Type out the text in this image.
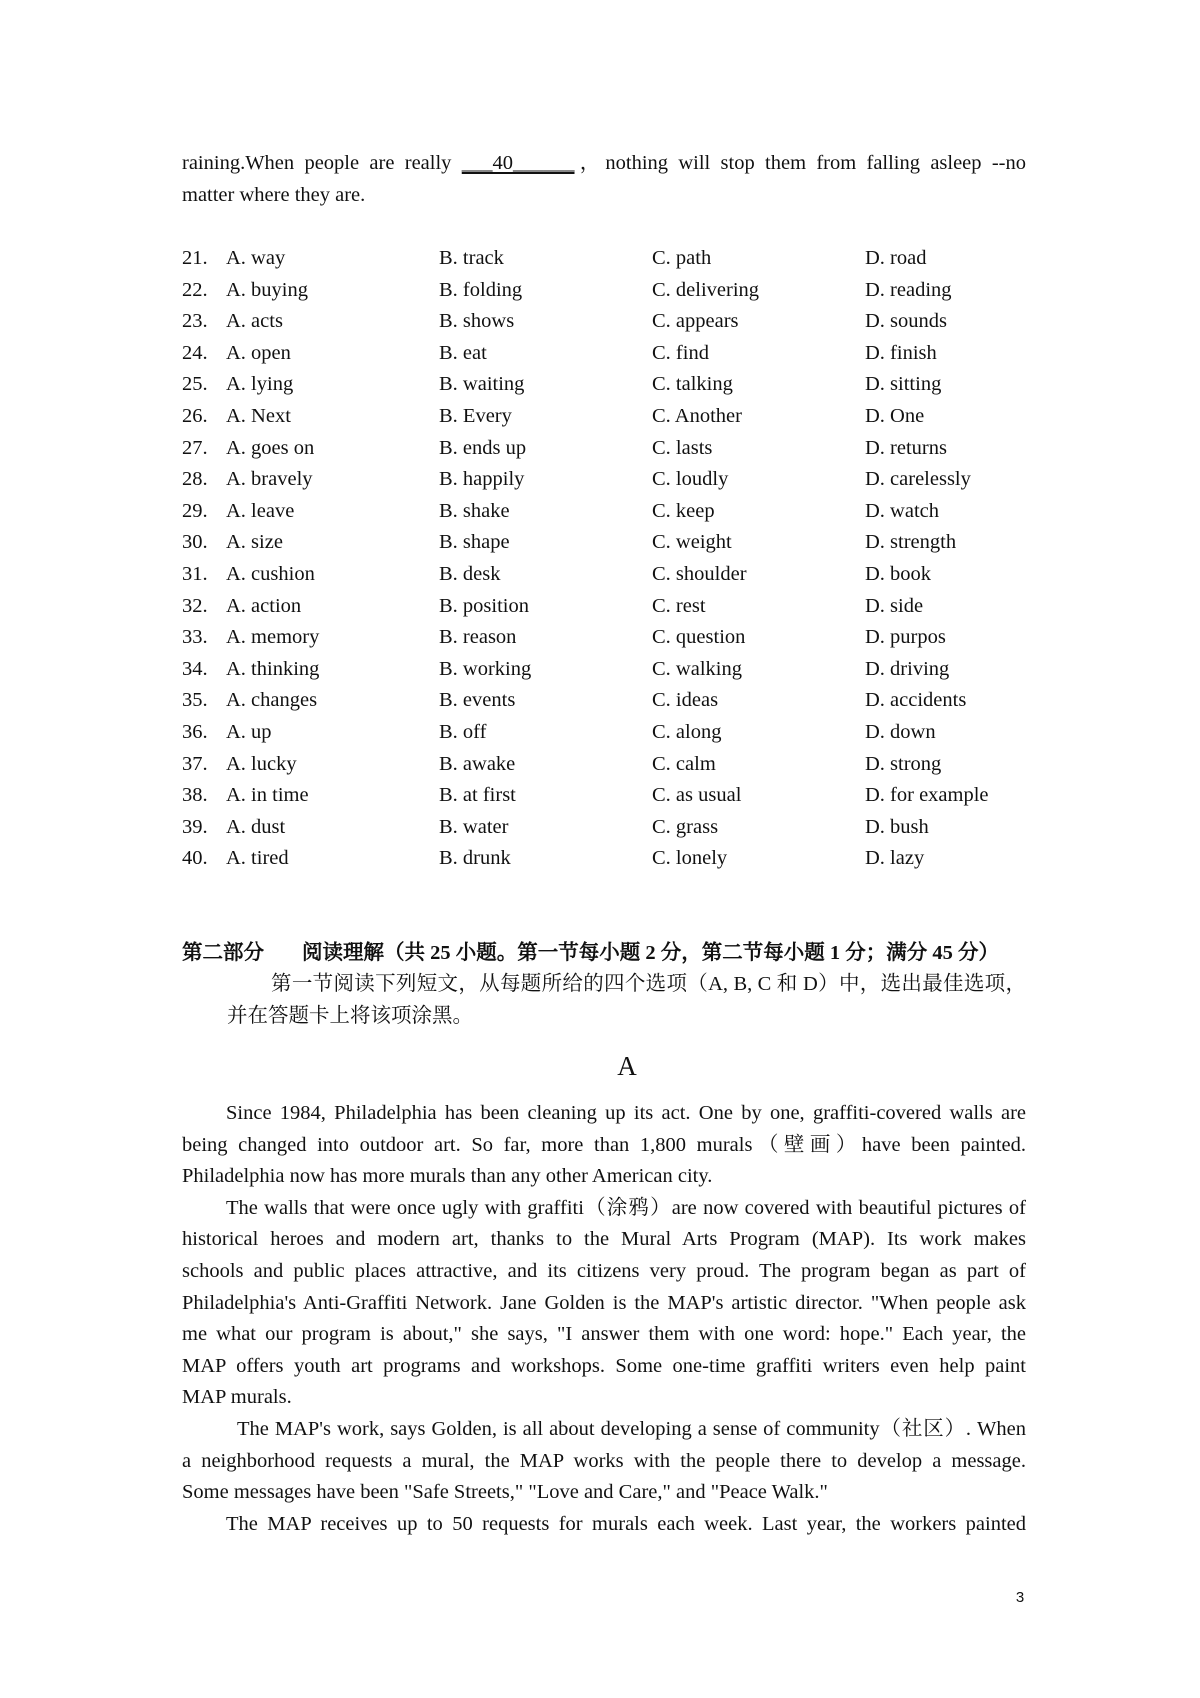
raining.When people are really ___40______，nothing will stop them from falling asleep --no
matter where they are.
21. A. way	B. track	C. path	D. road
22. A. buying	B. folding	C. delivering	D. reading
23. A. acts	B. shows	C. appears	D. sounds
24. A. open	B. eat	C. find	D. finish
25. A. lying	B. waiting	C. talking	D. sitting
26. A. Next	B. Every	C. Another	D. One
27. A. goes on	B. ends up	C. lasts	D. returns
28. A. bravely	B. happily	C. loudly	D. carelessly
29. A. leave	B. shake	C. keep	D. watch
30. A. size	B. shape	C. weight	D. strength
31. A. cushion	B. desk	C. shoulder	D. book
32. A. action	B. position	C. rest	D. side
33. A. memory	B. reason	C. question	D. purpos
34. A. thinking	B. working	C. walking	D. driving
35. A. changes	B. events	C. ideas	D. accidents
36. A. up	B. off	C. along	D. down
37. A. lucky	B. awake	C. calm	D. strong
38. A. in time	B. at first	C. as usual	D. for example
39. A. dust	B. water	C. grass	D. bush
40. A. tired	B. drunk	C. lonely	D. lazy
第二部分	阅读理解（共 25 小题。第一节每小题 2 分，第二节每小题 1 分；满分 45 分）
第一节阅读下列短文，从每题所给的四个选项（A, B, C 和 D）中，选出最佳选项，
并在答题卡上将该项涂黑。
A
Since 1984, Philadelphia has been cleaning up its act. One by one, graffiti-covered walls are
being changed into outdoor art. So far, more than 1,800 murals（壁画）have been painted.
Philadelphia now has more murals than any other American city.
The walls that were once ugly with graffiti（涂鸦）are now covered with beautiful pictures of
historical heroes and modern art, thanks to the Mural Arts Program (MAP). Its work makes
schools and public places attractive, and its citizens very proud. The program began as part of
Philadelphia's Anti-Graffiti Network. Jane Golden is the MAP's artistic director. "When people ask
me what our program is about," she says, "I answer them with one word: hope." Each year, the
MAP offers youth art programs and workshops. Some one-time graffiti writers even help paint
MAP murals.
The MAP's work, says Golden, is all about developing a sense of community（社区）. When
a neighborhood requests a mural, the MAP works with the people there to develop a message.
Some messages have been "Safe Streets," "Love and Care," and "Peace Walk."
The MAP receives up to 50 requests for murals each week. Last year, the workers painted
3
